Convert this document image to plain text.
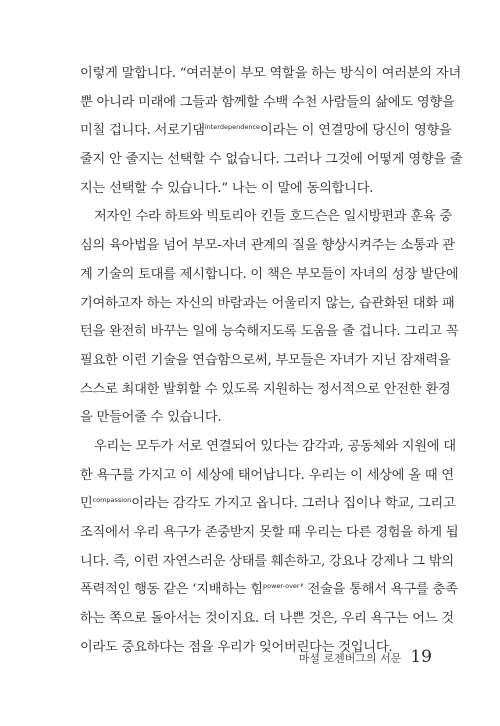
이렇게 말합니다. “여러분이 부모 역할을 하는 방식이 여러분의 자녀
뿐 아니라 미래에 그들과 함께할 수백 수천 사람들의 삶에도 영향을
미칠 겁니다. 서로기댐$^{interdependence}$이라는 이 연결망에 당신이 영향을
줄지 안 줄지는 선택할 수 없습니다. 그러나 그것에 어떻게 영향을 줄
지는 선택할 수 있습니다.” 나는 이 말에 동의합니다.
저자인 수라 하트와 빅토리아 킨들 호드슨은 일시방편과 훈육 중
심의 육아법을 넘어 부모-자녀 관계의 질을 향상시켜주는 소통과 관
계 기술의 토대를 제시합니다. 이 책은 부모들이 자녀의 성장 발단에
기여하고자 하는 자신의 바람과는 어울리지 않는, 습관화된 대화 패
턴을 완전히 바꾸는 일에 능숙해지도록 도움을 줄 겁니다. 그리고 꼭
필요한 이런 기술을 연습함으로써, 부모들은 자녀가 지닌 잠재력을
스스로 최대한 발휘할 수 있도록 지원하는 정서적으로 안전한 환경
을 만들어줄 수 있습니다.
우리는 모두가 서로 연결되어 있다는 감각과, 공동체와 지원에 대
한 욕구를 가지고 이 세상에 태어납니다. 우리는 이 세상에 올 때 연
민$^{compassion}$이라는 감각도 가지고 옵니다. 그러나 집이나 학교, 그리고
조직에서 우리 욕구가 존중받지 못할 때 우리는 다른 경험을 하게 됩
니다. 즉, 이런 자연스러운 상태를 훼손하고, 강요나 강제나 그 밖의
폭력적인 행동 같은 ‘지배하는 힘$^{power-over}$’ 전술을 통해서 욕구를 충족
하는 쪽으로 돌아서는 것이지요. 더 나쁜 것은, 우리 욕구는 어느 것
이라도 중요하다는 점을 우리가 잊어버린다는 것입니다.
마셜 로젠버그의 서문 19
